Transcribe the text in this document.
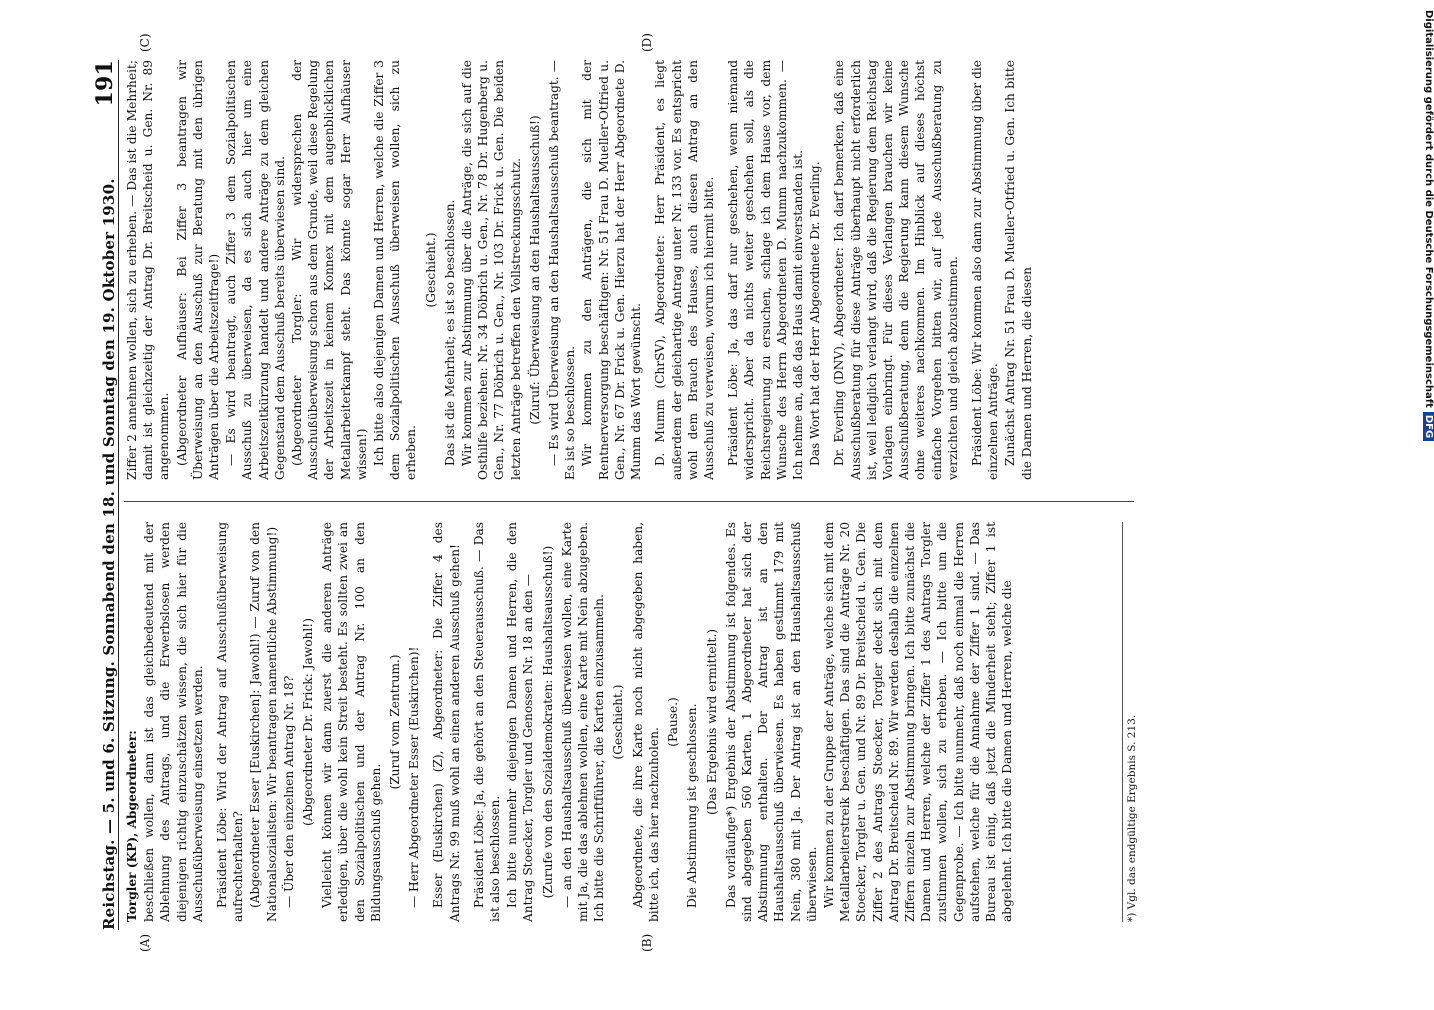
Reichstag. — 5. und 6. Sitzung. Sonnabend den 18. und Sonntag den 19. Oktober 1930.
191
(A)	(B)
(C)	(D)

Torgler (KP), Abgeordneter: beschließen wollen, dann ist das gleichbedeutend mit der Ablehnung des Antrags, und die Erwerbslosen werden diejenigen richtig einzuschätzen wissen, die sich hier für die Ausschußüberweisung einsetzen werden. Präsident Löbe: Wird der Antrag auf Ausschußüberweisung aufrechterhalten? (Abgeordneter Esser [Euskirchen]: Jawohl!) — Zuruf von den Nationalsozialisten: Wir beantragen namentliche Abstimmung!) — Über den einzelnen Antrag Nr. 18? (Abgeordneter Dr. Frick: Jawohl!) Vielleicht können wir dann zuerst die anderen Anträge erledigen, über die wohl kein Streit besteht. Es sollten zwei an den Sozialpolitischen und der Antrag Nr. 100 an den Bildungsausschuß gehen.

(Zuruf vom Zentrum.) — Herr Abgeordneter Esser (Euskirchen)! Esser (Euskirchen) (Z), Abgeordneter: Die Ziffer 4 des Antrags Nr. 99 muß wohl an einen anderen Ausschuß gehen! Präsident Löbe: Ja, die gehört an den Steuerausschuß. — Das ist also beschlossen. Ich bitte nunmehr diejenigen Damen und Herren, die den Antrag Stoecker, Torgler und Genossen Nr. 18 an den — (Zurufe von den Sozialdemokraten: Haushaltsausschuß!) — an den Haushaltsausschuß überweisen wollen, eine Karte mit Ja, die das ablehnen wollen, eine Karte mit Nein abzugeben. Ich bitte die Schriftführer, die Karten einzusammeln. (Geschieht.) Abgeordnete, die ihre Karte noch nicht abgegeben haben, bitte ich, das hier nachzuholen.

(Pause.) Die Abstimmung ist geschlossen. (Das Ergebnis wird ermittelt.) Das vorläufige*) Ergebnis der Abstimmung ist folgendes. Es sind abgegeben 560 Karten. 1 Abgeordneter hat sich der Abstimmung enthalten. Der Antrag ist an den Haushaltsausschuß überwiesen. Es haben gestimmt 179 mit Nein, 380 mit Ja. Der Antrag ist an den Haushaltsausschuß überwiesen. Wir kommen zu der Gruppe der Anträge, welche sich mit dem Metallarbeiterstreik beschäftigen. Das sind die Anträge Nr. 20 Stoecker, Torgler u. Gen. und Nr. 89 Dr. Breitscheid u. Gen. Die Ziffer 2 des Antrags Stoecker, Torgler deckt sich mit dem Antrag Dr. Breitscheid Nr. 89. Wir werden deshalb die einzelnen Ziffern einzeln zur Abstimmung bringen. Ich bitte zunächst die Damen und Herren, welche der Ziffer 1 des Antrags Torgler zustimmen wollen, sich zu erheben. — Ich bitte um die Gegenprobe. — Ich bitte nunmehr, daß noch einmal die Herren aufstehen, welche für die Annahme der Ziffer 1 sind. — Das Bureau ist einig, daß jetzt die Minderheit steht; Ziffer 1 ist abgelehnt. Ich bitte die Damen und Herren, welche die	*) Vgl. das endgültige Ergebnis S. 213.

Ziffer 2 annehmen wollen, sich zu erheben. — Das ist die Mehrheit; damit ist gleichzeitig der Antrag Dr. Breitscheid u. Gen. Nr. 89 angenommen. (Abgeordneter Aufhäuser: Bei Ziffer 3 beantragen wir Überweisung an den Ausschuß zur Beratung mit den übrigen Anträgen über die Arbeitszeitfrage!) — Es wird beantragt, auch Ziffer 3 dem Sozialpolitischen Ausschuß zu überweisen, da es sich auch hier um eine Arbeitszeitkürzung handelt und andere Anträge zu dem gleichen Gegenstand dem Ausschuß bereits überwiesen sind. (Abgeordneter Torgler: Wir widersprechen der Ausschußüberweisung schon aus dem Grunde, weil diese Regelung der Arbeitszeit in keinem Konnex mit dem augenblicklichen Metallarbeiterkampf steht. Das könnte sogar Herr Aufhäuser wissen!) Ich bitte also diejenigen Damen und Herren, welche die Ziffer 3 dem Sozialpolitischen Ausschuß überweisen wollen, sich zu erheben.

(Geschieht.) Das ist die Mehrheit; es ist so beschlossen. Wir kommen zur Abstimmung über die Anträge, die sich auf die Osthilfe beziehen: Nr. 34 Döbrich u. Gen., Nr. 78 Dr. Hugenberg u. Gen., Nr. 77 Döbrich u. Gen., Nr. 103 Dr. Frick u. Gen. Die beiden letzten Anträge betreffen den Vollstreckungsschutz. (Zuruf: Überweisung an den Haushaltsausschuß!) — Es wird Überweisung an den Haushaltsausschuß beantragt. — Es ist so beschlossen. Wir kommen zu den Anträgen, die sich mit der Rentnerversorgung beschäftigen: Nr. 51 Frau D. Mueller-Otfried u. Gen., Nr. 67 Dr. Frick u. Gen. Hierzu hat der Herr Abgeordnete D. Mumm das Wort gewünscht. D. Mumm (ChrSV), Abgeordneter: Herr Präsident, es liegt außerdem der gleichartige Antrag unter Nr. 133 vor. Es entspricht wohl dem Brauch des Hauses, auch diesen Antrag an den Ausschuß zu verweisen, worum ich hiermit bitte. Präsident Löbe: Ja, das darf nur geschehen, wenn niemand widerspricht. Aber da nichts weiter geschehen soll, als die Reichsregierung zu ersuchen, schlage ich dem Hause vor, dem Wunsche des Herrn Abgeordneten D. Mumm nachzukommen. — Ich nehme an, daß das Haus damit einverstanden ist. Das Wort hat der Herr Abgeordnete Dr. Everling. Dr. Everling (DNV), Abgeordneter: Ich darf bemerken, daß eine Ausschußberatung für diese Anträge überhaupt nicht erforderlich ist, weil lediglich verlangt wird, daß die Regierung dem Reichstag Vorlagen einbringt. Für dieses Verlangen brauchen wir keine Ausschußberatung, denn die Regierung kann diesem Wunsche ohne weiteres nachkommen. Im Hinblick auf dieses höchst einfache Vorgehen bitten wir, auf jede Ausschußberatung zu verzichten und gleich abzustimmen. Präsident Löbe: Wir kommen also dann zur Abstimmung über die einzelnen Anträge. Zunächst Antrag Nr. 51 Frau D. Mueller-Otfried u. Gen. Ich bitte die Damen und Herren, die diesen	Digitalisierung gefördert durch die Deutsche ForschungsgemeinschaftDFG
